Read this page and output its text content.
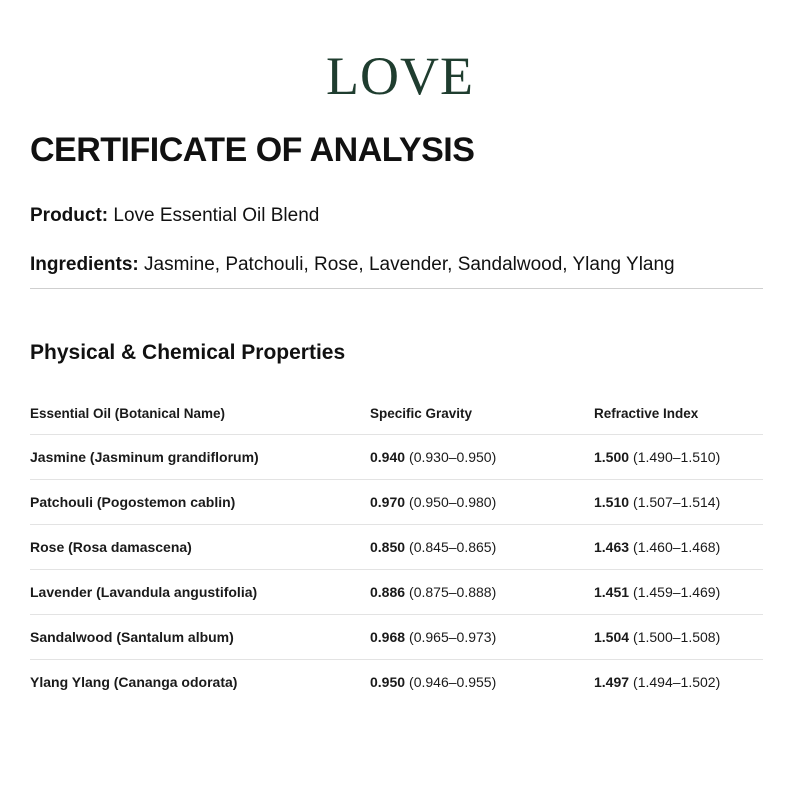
LOVE
CERTIFICATE OF ANALYSIS
Product: Love Essential Oil Blend
Ingredients: Jasmine, Patchouli, Rose, Lavender, Sandalwood, Ylang Ylang
Physical & Chemical Properties
Essential Oil (Botanical Name)	Specific Gravity	Refractive Index
Jasmine (Jasminum grandiflorum)	0.940 (0.930–0.950)	1.500 (1.490–1.510)
Patchouli (Pogostemon cablin)	0.970 (0.950–0.980)	1.510 (1.507–1.514)
Rose (Rosa damascena)	0.850 (0.845–0.865)	1.463 (1.460–1.468)
Lavender (Lavandula angustifolia)	0.886 (0.875–0.888)	1.451 (1.459–1.469)
Sandalwood (Santalum album)	0.968 (0.965–0.973)	1.504 (1.500–1.508)
Ylang Ylang (Cananga odorata)	0.950 (0.946–0.955)	1.497 (1.494–1.502)
